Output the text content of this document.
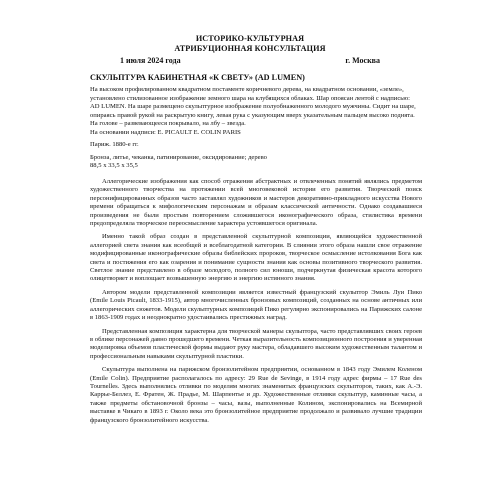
ИСТОРИКО-КУЛЬТУРНАЯ
АТРИБУЦИОННАЯ КОНСУЛЬТАЦИЯ
1 июля 2024 года	г. Москва
СКУЛЬПТУРА КАБИНЕТНАЯ «К СВЕТУ» (AD LUMEN)

На высоком профилированном квадратном постаменте коричневого дерева, на квадратном основании, «земле», установлено стилизованное изображение земного шара на клубящихся облаках. Шар опоясан лентой с надписью: AD LUMEN. На шаре размещено скульптурное изображение полуобнаженного молодого мужчины. Сидит на шаре, опираясь правой рукой на раскрытую книгу, левая рука с указующим вверх указательным пальцем высоко поднята. На голове – развевающееся покрывало, на лбу – звезда.

На основании надписи: E. PICAULT E. COLIN PARIS

Париж. 1880-е гг.

Бронза, литье, чеканка, патинирование, оксидирование; дерево

88,5 х 33,5 х 35,5

Аллегорические изображения как способ отражения абстрактных и отвлеченных понятий являлись предметом художественного творчества на протяжении всей многовековой истории его развития. Творческий поиск персонифицированных образов часто заставлял художников и мастеров декоративно-прикладного искусства Нового времени обращаться к мифологическим персонажам и образам классической античности. Однако создавашиеся произведения не были простым повторением сложившегося иконографического образа, стилистика времени предопределяла творческое переосмысление характера устоявшегося оригинала.

Именно такой образ создан в представленной скульптурной композиции, являющейся художественной аллегорией света знания как всеобщей и всеблагодатной категории. В слиянии этого образа нашли свое отражение модифицированные иконографические образы библейских пророков, творческое осмысление истолкования Бога как света и постижения его как озарения и понимание сущности знания как основы позитивного творческого развития. Светлое знание представлено в образе молодого, полного сил юноши, подчеркнутая физическая красота которого олицетворяет и воплощает возвышенную энергию и энергию истинного знания.

Автором модели представленной композиции является известный французский скульптор Эмиль Луи Пико (Emile Louis Picault, 1833-1915), автор многочисленных бронзовых композиций, созданных на основе античных или аллегорических сюжетов. Модели скульптурных композиций Пико регулярно экспонировались на Парижских салоне в 1863-1909 годах и неоднократно удостаивались престижных наград.

Представленная композиция характерна для творческой манеры скульптора, часто представлявших своих героев в облике персонажей давно прошедшего времени. Четкая выразительность композиционного построения и уверенная моделировка объемов пластической формы выдают руку мастера, обладавшего высоким художественным талантом и профессиональным навыками скульптурной пластики.

Скульптура выполнена на парижском бронзолитейном предприятии, основанном в 1843 году Эмилем Коленом (Emile Colin). Предприятие располагалось по адресу: 29 Rue de Sevinge, в 1914 году адрес фирмы – 17 Rue des Tournelles. Здесь выполнялись отливки по моделям многих знаменитых французских скульпторов, таких, как А.-Э. Каррье-Беллез, Е. Фратен, Ж. Прадье, М. Шарпентье и др. Художественные отливки скульптур, каминные часы, а также предметы обстановочной бронзы – часы, вазы, выполненные Колином, экспонировались на Всемирной выставке в Чикаго в 1893 г. Около века это бронзолитейное предприятие продолжало и развивало лучшие традиции французского бронзолитейного искусства.
